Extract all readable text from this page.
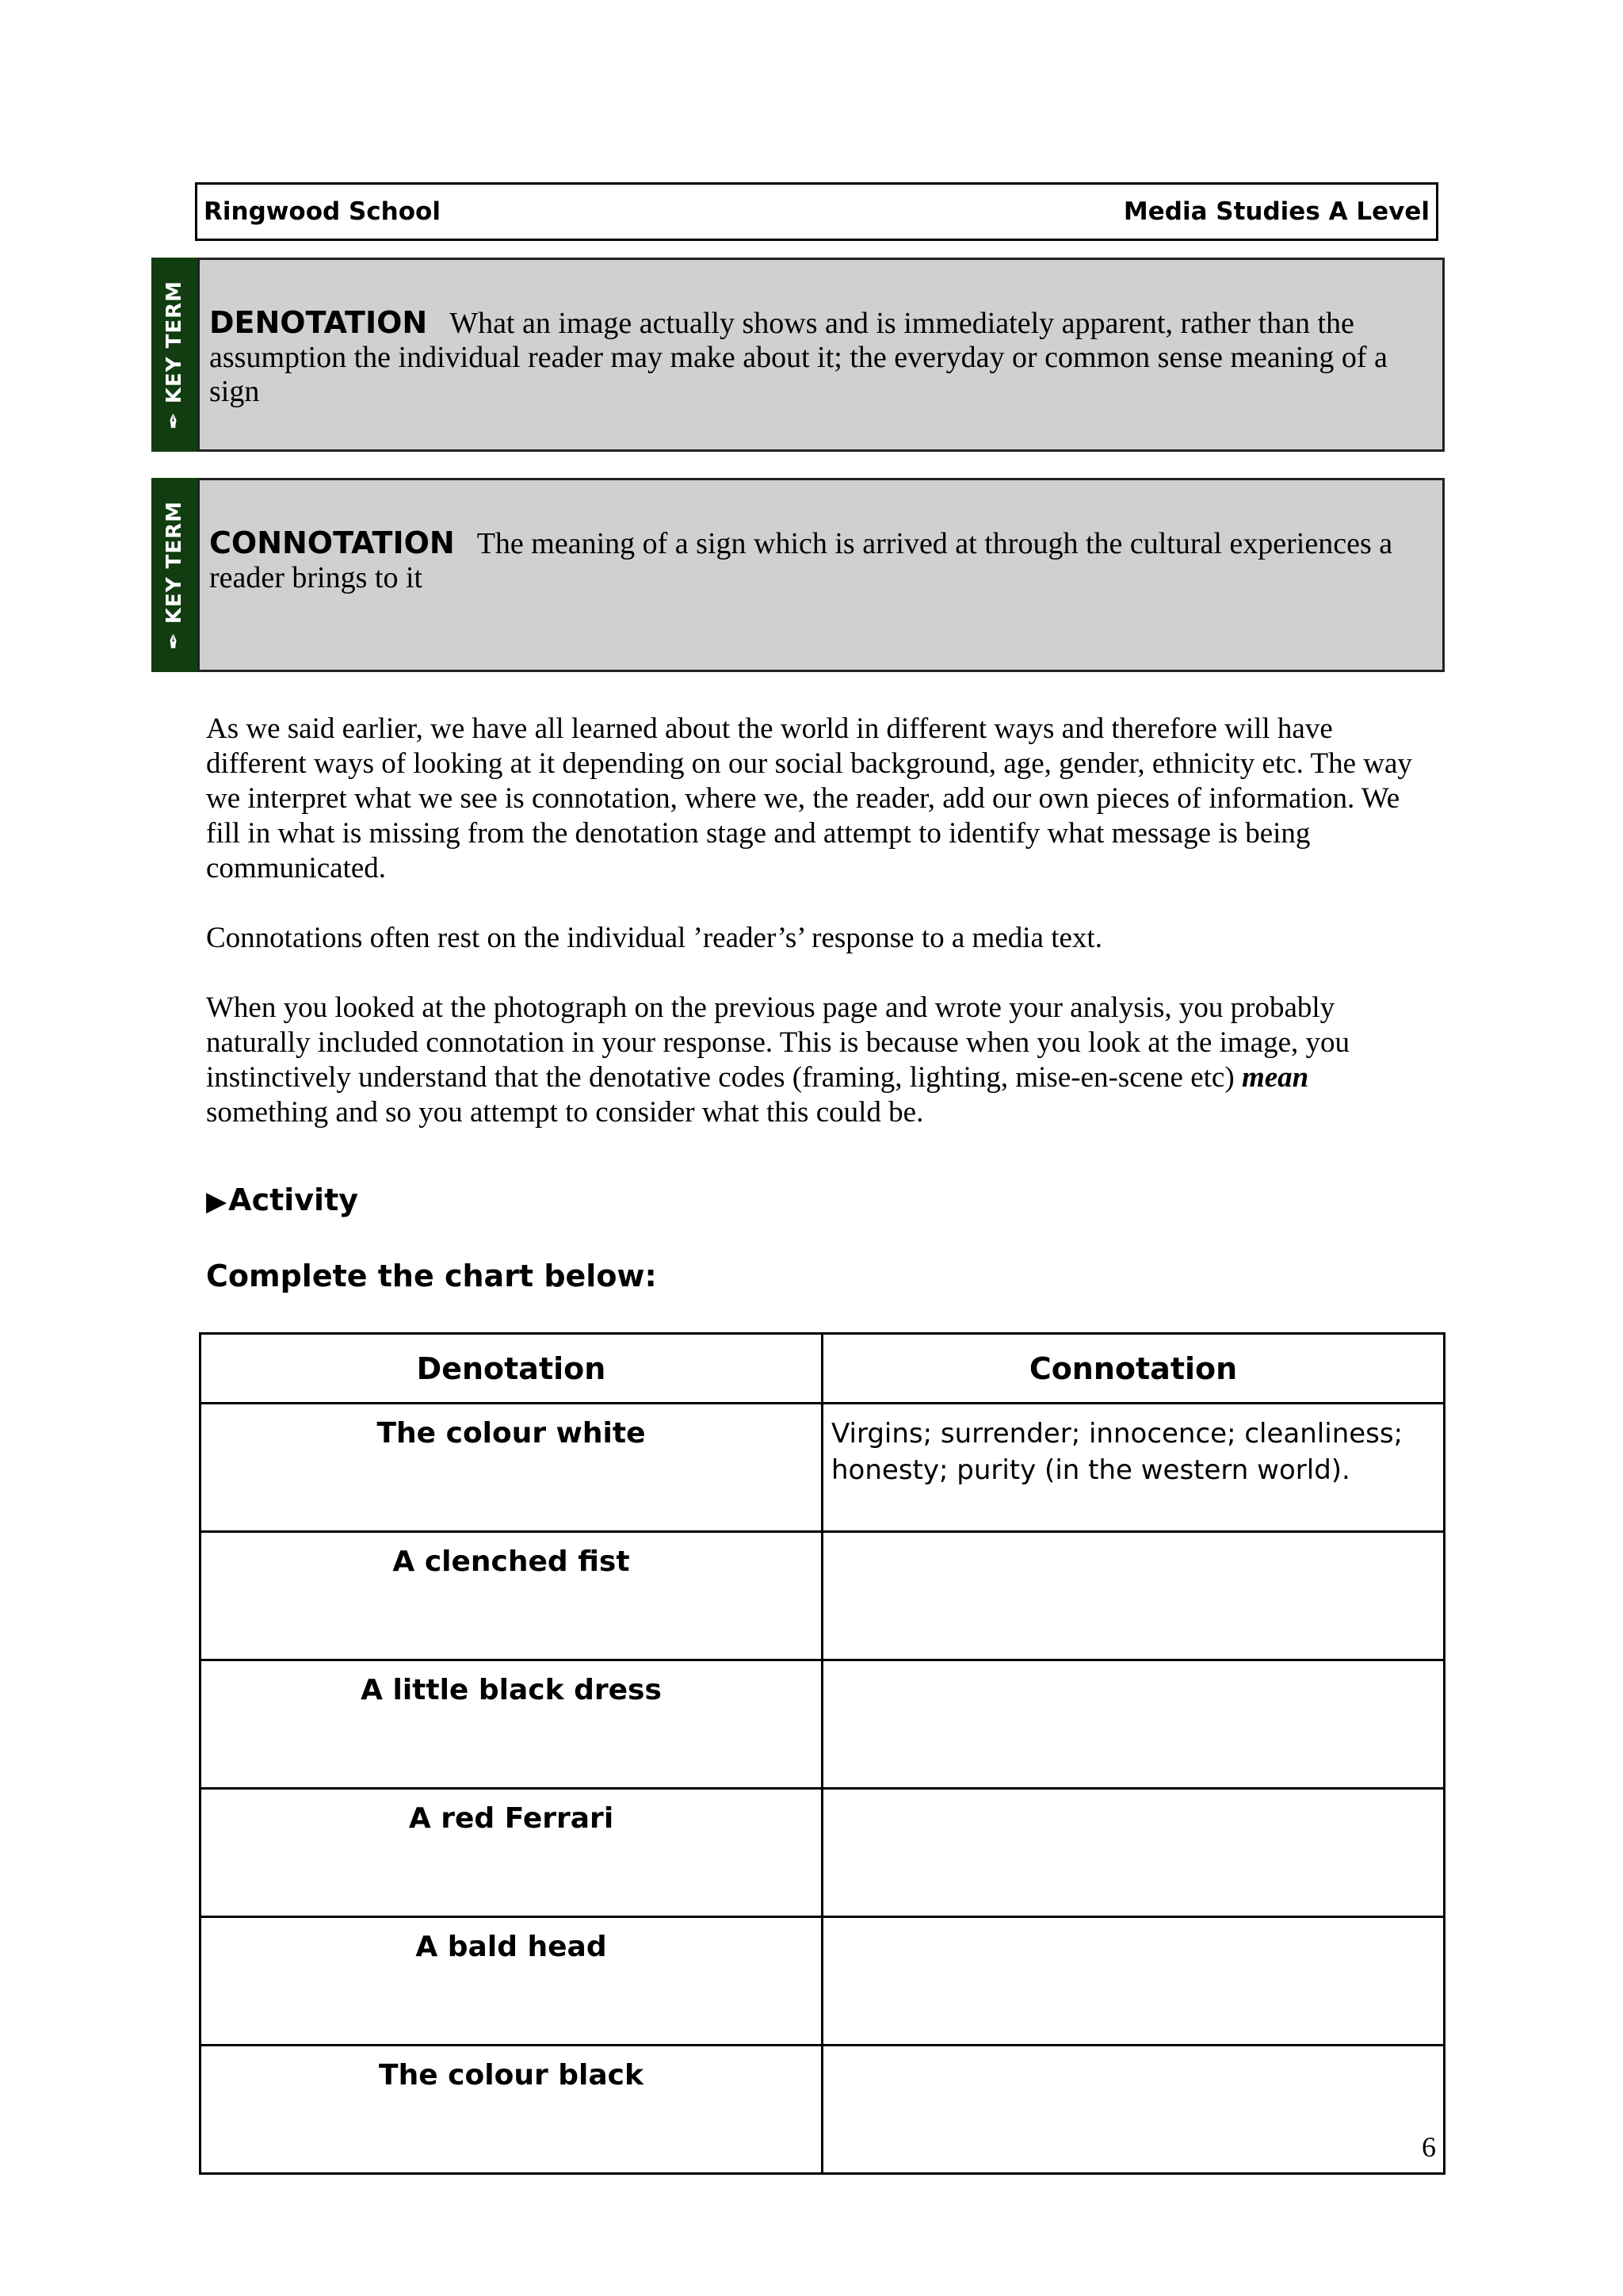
Ringwood School	Media Studies A Level
✒ KEY TERM DENOTATION What an image actually shows and is immediately apparent, rather than the assumption the individual reader may make about it; the everyday or common sense meaning of a sign
✒ KEY TERM CONNOTATION The meaning of a sign which is arrived at through the cultural experiences a reader brings to it
As we said earlier, we have all learned about the world in different ways and therefore will have different ways of looking at it depending on our social background, age, gender, ethnicity etc. The way we interpret what we see is connotation, where we, the reader, add our own pieces of information. We fill in what is missing from the denotation stage and attempt to identify what message is being communicated.
Connotations often rest on the individual ’reader’s’ response to a media text.
When you looked at the photograph on the previous page and wrote your analysis, you probably naturally included connotation in your response. This is because when you look at the image, you instinctively understand that the denotative codes (framing, lighting, mise-en-scene etc) mean something and so you attempt to consider what this could be.
▶Activity
Complete the chart below:
Denotation	Connotation
The colour white	Virgins; surrender; innocence; cleanliness; honesty; purity (in the western world).
A clenched fist	
A little black dress	
A red Ferrari	
A bald head	
The colour black	
6
